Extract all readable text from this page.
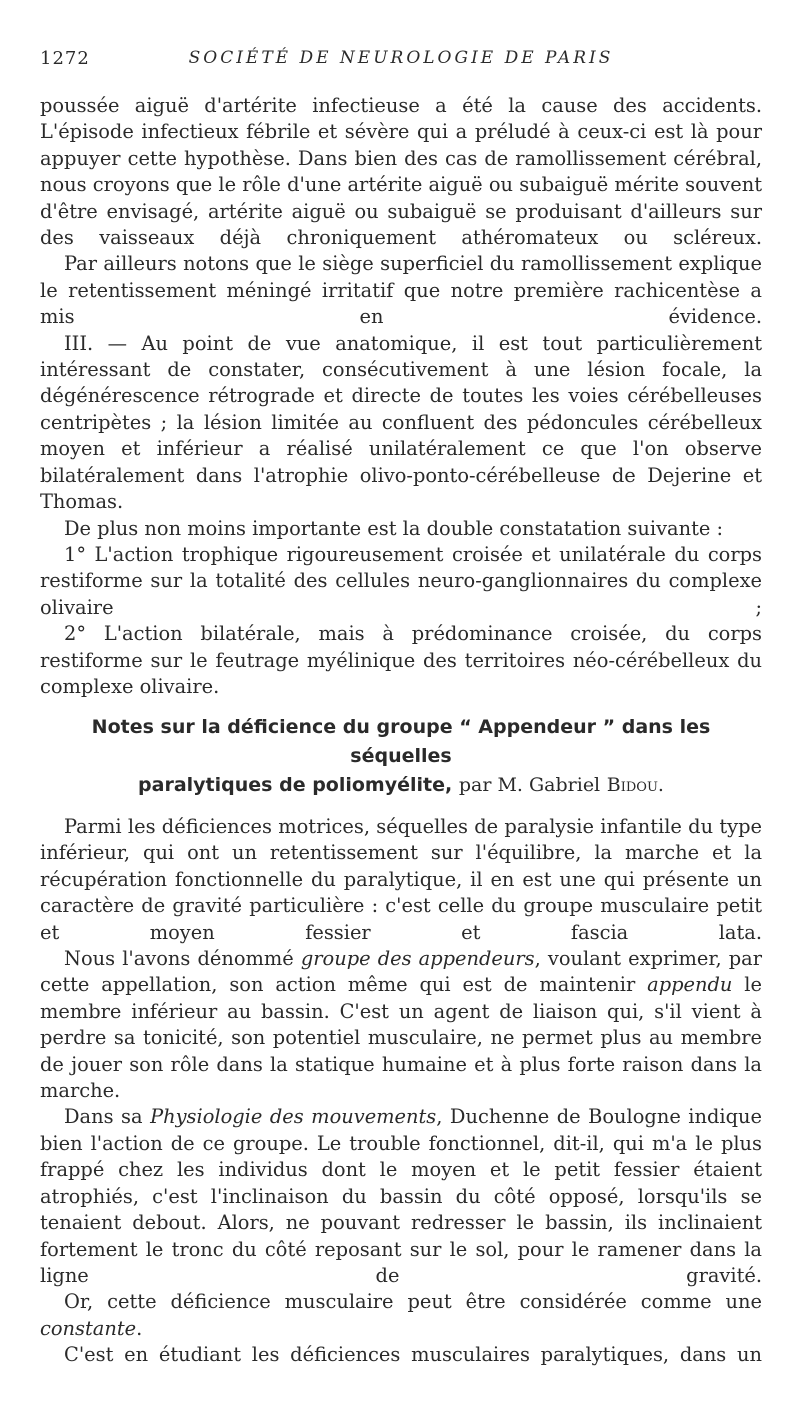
1272	SOCIÉTÉ DE NEUROLOGIE DE PARIS

poussée aiguë d'artérite infectieuse a été la cause des accidents. L'épisode infectieux fébrile et sévère qui a préludé à ceux-ci est là pour appuyer cette hypothèse. Dans bien des cas de ramollissement cérébral, nous croyons que le rôle d'une artérite aiguë ou subaiguë mérite souvent d'être envisagé, artérite aiguë ou subaiguë se produisant d'ailleurs sur des vaisseaux déjà chroniquement athéromateux ou scléreux.

Par ailleurs notons que le siège superficiel du ramollissement explique le retentissement méningé irritatif que notre première rachicentèse a mis en évidence.

III. — Au point de vue anatomique, il est tout particulièrement intéressant de constater, consécutivement à une lésion focale, la dégénérescence rétrograde et directe de toutes les voies cérébelleuses centripètes ; la lésion limitée au confluent des pédoncules cérébelleux moyen et inférieur a réalisé unilatéralement ce que l'on observe bilatéralement dans l'atrophie olivo-ponto-cérébelleuse de Dejerine et Thomas.

De plus non moins importante est la double constatation suivante :

1° L'action trophique rigoureusement croisée et unilatérale du corps restiforme sur la totalité des cellules neuro-ganglionnaires du complexe olivaire ;

2° L'action bilatérale, mais à prédominance croisée, du corps restiforme sur le feutrage myélinique des territoires néo-cérébelleux du complexe olivaire.

Notes sur la déficience du groupe “ Appendeur ” dans les séquelles
paralytiques de poliomyélite, par M. Gabriel Bidou.

Parmi les déficiences motrices, séquelles de paralysie infantile du type inférieur, qui ont un retentissement sur l'équilibre, la marche et la récupération fonctionnelle du paralytique, il en est une qui présente un caractère de gravité particulière : c'est celle du groupe musculaire petit et moyen fessier et fascia lata.

Nous l'avons dénommé groupe des appendeurs, voulant exprimer, par cette appellation, son action même qui est de maintenir appendu le membre inférieur au bassin. C'est un agent de liaison qui, s'il vient à perdre sa tonicité, son potentiel musculaire, ne permet plus au membre de jouer son rôle dans la statique humaine et à plus forte raison dans la marche.

Dans sa Physiologie des mouvements, Duchenne de Boulogne indique bien l'action de ce groupe. Le trouble fonctionnel, dit-il, qui m'a le plus frappé chez les individus dont le moyen et le petit fessier étaient atrophiés, c'est l'inclinaison du bassin du côté opposé, lorsqu'ils se tenaient debout. Alors, ne pouvant redresser le bassin, ils inclinaient fortement le tronc du côté reposant sur le sol, pour le ramener dans la ligne de gravité.

Or, cette déficience musculaire peut être considérée comme une constante.

C'est en étudiant les déficiences musculaires paralytiques, dans un
